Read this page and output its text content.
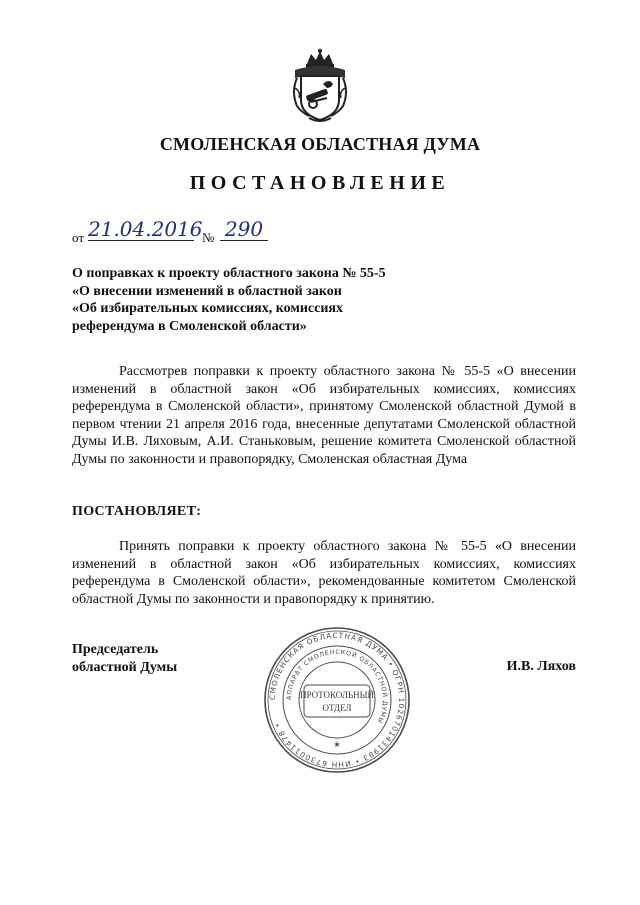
СМОЛЕНСКАЯ ОБЛАСТНАЯ ДУМА
ПОСТАНОВЛЕНИЕ
от 21.04.2016 № 290
О поправках к проекту областного закона № 55-5
«О внесении изменений в областной закон
«Об избирательных комиссиях, комиссиях
референдума в Смоленской области»
Рассмотрев поправки к проекту областного закона № 55-5 «О внесении изменений в областной закон «Об избирательных комиссиях, комиссиях референдума в Смоленской области», принятому Смоленской областной Думой в первом чтении 21 апреля 2016 года, внесенные депутатами Смоленской областной Думы И.В. Ляховым, А.И. Станьковым, решение комитета Смоленской областной Думы по законности и правопорядку, Смоленская областная Дума
ПОСТАНОВЛЯЕТ:
Принять поправки к проекту областного закона № 55-5 «О внесении изменений в областной закон «Об избирательных комиссиях, комиссиях референдума в Смоленской области», рекомендованные комитетом Смоленской областной Думы по законности и правопорядку к принятию.
Председатель
областной Думы	И.В. Ляхов
СМОЛЕНСКАЯ ОБЛАСТНАЯ ДУМА • ОГРН 1026701431983 • ИНН 6730011478 •
АППАРАТ СМОЛЕНСКОЙ ОБЛАСТНОЙ ДУМЫ
ПРОТОКОЛЬНЫЙ
ОТДЕЛ
★
